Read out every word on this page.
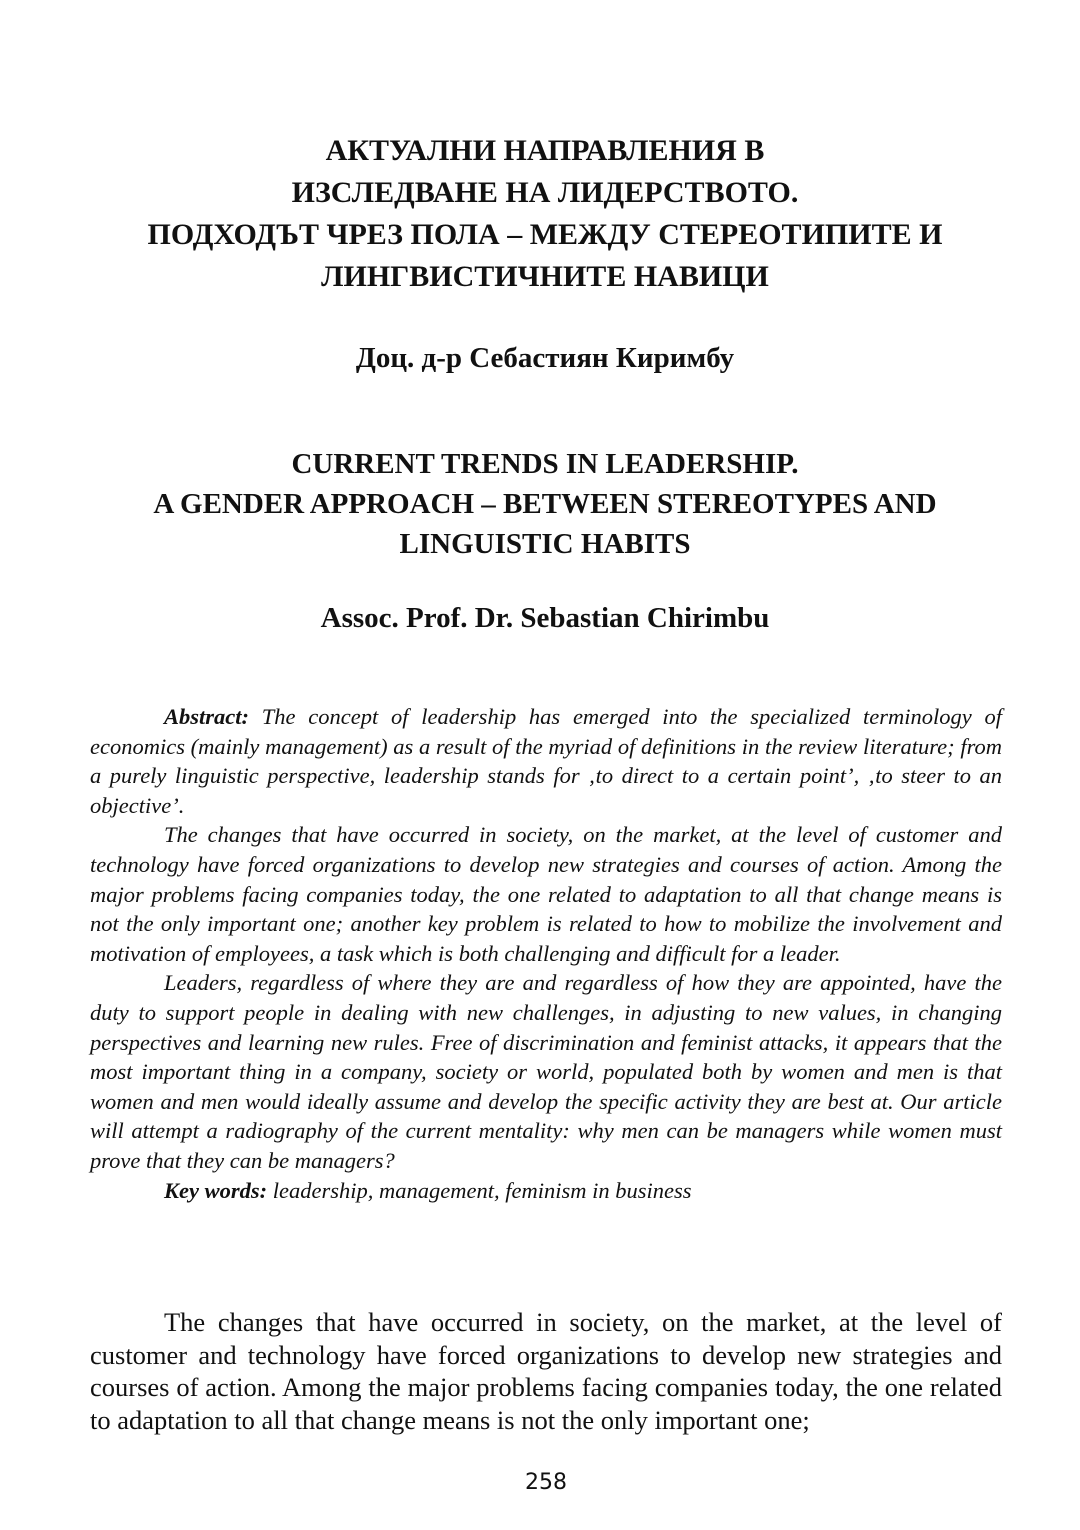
АКТУАЛНИ НАПРАВЛЕНИЯ В
ИЗСЛЕДВАНЕ НА ЛИДЕРСТВОТО.
ПОДХОДЪТ ЧРЕЗ ПОЛА – МЕЖДУ СТЕРЕОТИПИТЕ И
ЛИНГВИСТИЧНИТЕ НАВИЦИ
Доц. д-р Себастиян Киримбу
CURRENT TRENDS IN LEADERSHIP.
A GENDER APPROACH – BETWEEN STEREOTYPES AND
LINGUISTIC HABITS
Assoc. Prof. Dr. Sebastian Chirimbu

Abstract: The concept of leadership has emerged into the specialized terminology of economics (mainly management) as a result of the myriad of definitions in the review literature; from a purely linguistic perspective, leadership stands for ‚to direct to a certain point’, ‚to steer to an objective’.

The changes that have occurred in society, on the market, at the level of customer and technology have forced organizations to develop new strategies and courses of action. Among the major problems facing companies today, the one related to adaptation to all that change means is not the only important one; another key problem is related to how to mobilize the involvement and motivation of employees, a task which is both challenging and difficult for a leader.

Leaders, regardless of where they are and regardless of how they are appointed, have the duty to support people in dealing with new challenges, in adjusting to new values, in changing perspectives and learning new rules. Free of discrimination and feminist attacks, it appears that the most important thing in a company, society or world, populated both by women and men is that women and men would ideally assume and develop the specific activity they are best at. Our article will attempt a radiography of the current mentality: why men can be managers while women must prove that they can be managers?

Key words: leadership, management, feminism in business

The changes that have occurred in society, on the market, at the level of customer and technology have forced organizations to develop new strategies and courses of action. Among the major problems facing companies today, the one related to adaptation to all that change means is not the only important one;

258
